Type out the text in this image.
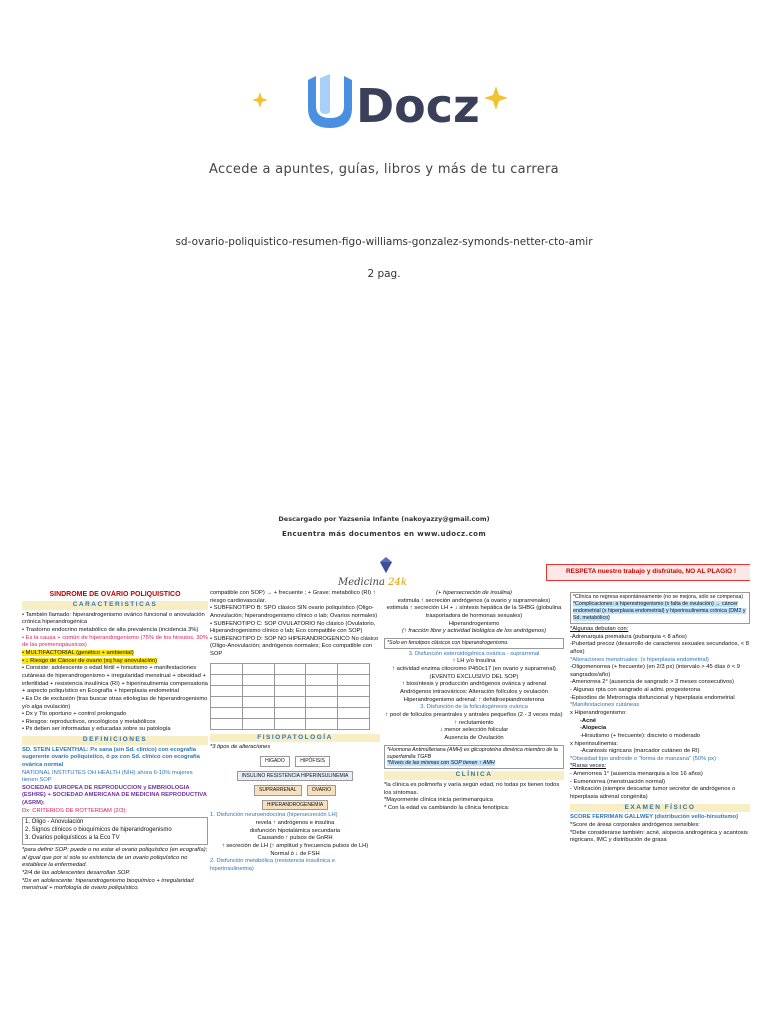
Docz
Accede a apuntes, guías, libros y más de tu carrera
sd-ovario-poliquistico-resumen-figo-williams-gonzalez-symonds-netter-cto-amir
2 pag.
Descargado por Yazsenia Infante (nakoyazzy@gmail.com)
Encuentra más documentos en www.udocz.com
Medicina 24k
RESPETA nuestro trabajo y disfrútalo, NO AL PLAGIO !
SINDROME DE OVÁRIO POLIQUISTICO
CARACTERISTICAS
• También llamado: hiperandrogenismo ovárico funcional o anovulación crónica hiperandrogénica
• Trastorno endocrino metabólico de alta prevalencia (incidencia 3%)
• Es la causa + común de hiperandrogenismo (75% de los hirsutos, 30% de las premenopáusicas)
• MULTIFACTORIAL (genético + ambiental)
• ↓ Riesgo de Cáncer de ovario (xq hay anovulación)
• Consiste: adolescente o edad fértil + hirsutismo + manifestaciones cutáneas de hiperandrogenismo + irregularidad menstrual + obesidad + infertilidad + resistencia insulínica (RI) + hiperinsulinemia compensatoria + aspecto poliquístico en Ecografía + hiperplasia endometrial
• Es Dx de exclusión (tras buscar otras etiologías de hiperandrogenismo y/o alga ovulación)
• Dx y Tto oportuno + control prolongado
• Riesgos: reproductivos, oncológicos y metabólicos
• Px deben ser informadas y educadas sobre su patología
DEFINICIONES
SD. STEIN LEVENTHAL: Px sana (sin Sd. clínico) con ecografía sugerente ovario poliquístico, ó px con Sd. clínico con ecografía ovárica normal
NATIONAL INSTITUTES OH HEALTH (NIH) ahora 6-10% mujeres tienen SOP
SOCIEDAD EUROPEA DE REPRODUCCION y EMBRIOLOGIA (ESHRE) + SOCIEDAD AMERICANA DE MEDICINA REPRODUCTIVA (ASRM):
Dx: CRITERIOS DE ROTTERDAM (2/3):
1. Oligo - Anovulación
2. Signos clínicos o bioquímicos de hiperandrogenismo
3. Ovarios poliquísticos a la Eco TV
*para definir SOP: puede o no estar el ovario poliquístico (en ecografía); al igual que por sí sola su existencia de un ovario poliquístico no establece la enfermedad.
*2/4 de las adolescentes desarrollan SOP.
*Dx en adolescente: hiperandrogenismo bioquímico + irregularidad menstrual + morfología de ovario poliquístico.
compatible con SOP) → + frecuente ; + Grave: metabólico (RI) ↑ riesgo cardiovascular.
• SUBFENOTIPO B: SPO clásico SIN ovario poliquístico (Oligo-Anovulación; hiperandrogenismo clínico o lab; Ovarios normales)
• SUBFENOTIPO C: SOP OVULATORIO No clásico (Ovulatorio, Hiperandrogenismo clínico o lab; Eco compatible con SOP)
• SUBFENOTIPO D: SOP NO HIPERANDROGENICO No clásico (Oligo-Anovulación; andrógenos normales; Eco compatible con SOP

FISIOPATOLOGÍA
*3 tipos de alteraciones
HIGADO	HIPÓFISIS
INSULINO RESISTENCIA HIPERINSULINEMIA
SUPRARRENAL	OVARIO
HIPERANDROGENEMIA
1. Disfunción neuroendocrina (hipersecreción LH)
revela ↑ andrógenos e insulina
disfunción hipotalámica secundaria
Causando ↑ pulsos de GnRH
↑ secreción de LH (↑ amplitud y frecuencia pulsos de LH)
Normal ó ↓ de FSH
2. Disfunción metabólica (resistencia insulínica e hiperinsulinemia)
(+ hipersecreción de insulina)
estimula ↑ secreción andrógenos (a ovario y suprarrenales)
estimula ↑ secreción LH + ↓ síntesis hepática de la SHBG (globulina trasportadora de hormonas sexuales)
Hiperandrogenismo
(↑ fracción libre y actividad biológica de los andrógenos)
*Solo en fenotipos clásicos con hiperandrogenismo.
3. Disfunción esteroidogénica ovárica - suprarrenal
↑ LH y/o Insulina
↑ actividad enzima citocromo P450c17 (en ovario y suprarrenal) (EVENTO EXCLUSIVO DEL SOP)
↑ biosíntesis y producción andrógenos ovárica y adrenal
Andrógenos intraováricos: Alteración folículos y ovulación
Hiperandrogenismo adrenal: ↑ dehidroepiandrosterona
3. Disfunción de la foliculogénesis ovárica
↑ pool de folículos preantrales y antrales pequeños (2 - 3 veces más)
↑ reclutamiento
↓ menor selección folicular
Ausencia de Ovulación
*Hormona Antimülleriana (AMH) es glicoproteína dimérica miembro de la superfamilia TGFB
*Níveis de las mismas con SOP tienen ↑ AMH
CLÍNICA
*la clínica es polimorfa y varía según edad, no todas px tienen todos los síntomas.
*Mayormente clínica inicia perimenarquica
* Con la edad va cambiando la clínica fenotípica:
*Clínica no regresa espontáneamente (no se mejora, sólo se compensa)
*Complicaciones: a hiperestrogenismo (x falta de ovulación) → cáncer endometrial (x hiperplasia endometrial) y hiperinsulinemia crónica (DM2 y Sd. metabólico)
*Algunas debutan con:
-Adrenarquia prematura (pubarquia < 8 años)
-Pubertad precoz (desarrollo de caracteres sexuales secundarios, < 8 años)
*Alteraciones menstruales: (x hiperplasia endometrial)
-Oligomenorrea (+ frecuente) (en 2/3 px) (intervalo > 45 días ó < 9 sangrados/año)
-Amenorrea 2° (ausencia de sangrado > 3 meses consecutivos)
- Algunas rpta con sangrado al admi. progesterona
-Episodios de Metrorragia disfuncional y hiperplasia endometrial
*Manifestaciones cutáneas
x Hiperandrogenismo:
-Acné
-Alopecia
-Hirsutismo (+ frecuente): discreto o moderado
x hiperinsulinemia:
-Acantosis nigricans (marcador cutáneo de RI)
*Obesidad tipo androide o "forma de manzana" (50% px)
*Raras veces:
- Amenorrea 1° (ausencia menarquia a los 16 años)
- Eumenorrea (menstruación normal)
- Virilización (siempre descartar tumor secretor de andrógenos o hiperplasia adrenal congénita)
EXAMEN FÍSICO
SCORE FERRIMAN GALLWEY (distribución vello-hirsutismo)
*Score de áreas corporales andrógenos sensibles:
*Debe considerarse también: acné, alopecia androgénica y acantosis nigricans, IMC y distribución de grasa
